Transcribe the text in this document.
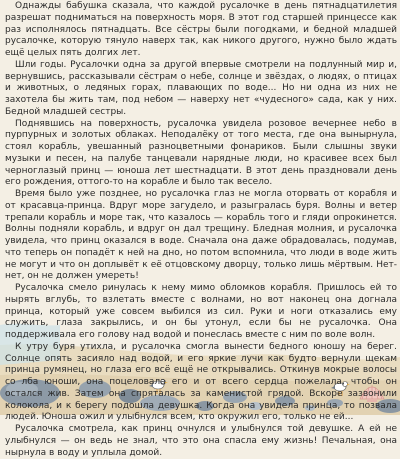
Однажды бабушка сказала, что каждой русалочке в день пятнадцатилетия разрешат подниматься на поверхность моря. В этот год старшей принцессе как раз исполнялось пятнадцать. Все сёстры были погодками, и бедной младшей русалочке, которую тянуло наверх так, как никого другого, нужно было ждать ещё целых пять долгих лет.

Шли годы. Русалочки одна за другой впервые смотрели на подлунный мир и, вернувшись, рассказывали сёстрам о небе, солнце и звёздах, о людях, о птицах и животных, о ледяных горах, плавающих по воде... Но ни одна из них не захотела бы жить там, под небом — наверху нет «чудесного» сада, как у них. Бедной младшей сестры.

Поднявшись на поверхность, русалочка увидела розовое вечернее небо в пурпурных и золотых облаках. Неподалёку от того места, где она вынырнула, стоял корабль, увешанный разноцветными фонариков. Были слышны звуки музыки и песен, на палубе танцевали нарядные люди, но красивее всех был черноглазый принц — юноша лет шестнадцати. В этот день праздновали день его рождения, оттого-то на корабле и было так весело.

Время было уже позднее, но русалочка глаз не могла оторвать от корабля и от красавца-принца. Вдруг море загудело, и разыгралась буря. Волны и ветер трепали корабль и море так, что казалось — корабль того и гляди опрокинется. Волны подняли корабль, и вдруг он дал трещину. Бледная молния, и русалочка увидела, что принц оказался в воде. Сначала она даже обрадовалась, подумав, что теперь он попадёт к ней на дно, но потом вспомнила, что люди в воде жить не могут и что он доплывёт к её отцовскому дворцу, только лишь мёртвым. Нет-нет, он не должен умереть!

Русалочка смело ринулась к нему мимо обломков корабля. Пришлось ей то нырять вглубь, то взлетать вместе с волнами, но вот наконец она догнала принца, который уже совсем выбился из сил. Руки и ноги отказались ему служить, глаза закрылись, и он бы утонул, если бы не русалочка. Она поддерживала его голову над водой и понеслась вместе с ним по воле волн.

К утру буря утихла, и русалочка смогла вынести бедного юношу на берег. Солнце опять засияло над водой, и его яркие лучи как будто вернули щекам принца румянец, но глаза его всё ещё не открывались. Откинув мокрые волосы со лба юноши, она поцеловала его и от всего сердца пожелала, чтобы он остался жив. Затем она спряталась за каменистой грядой. Вскоре зазвонили колокола, и к берегу подошла девушка. Когда она увидела принца, то позвала людей. Юноша ожил и улыбнулся всем, кто окружил его, только не ей...

Русалочка смотрела, как принц очнулся и улыбнулся той девушке. А ей не улыбнулся — он ведь не знал, что это она спасла ему жизнь! Печальная, она нырнула в воду и уплыла домой.
